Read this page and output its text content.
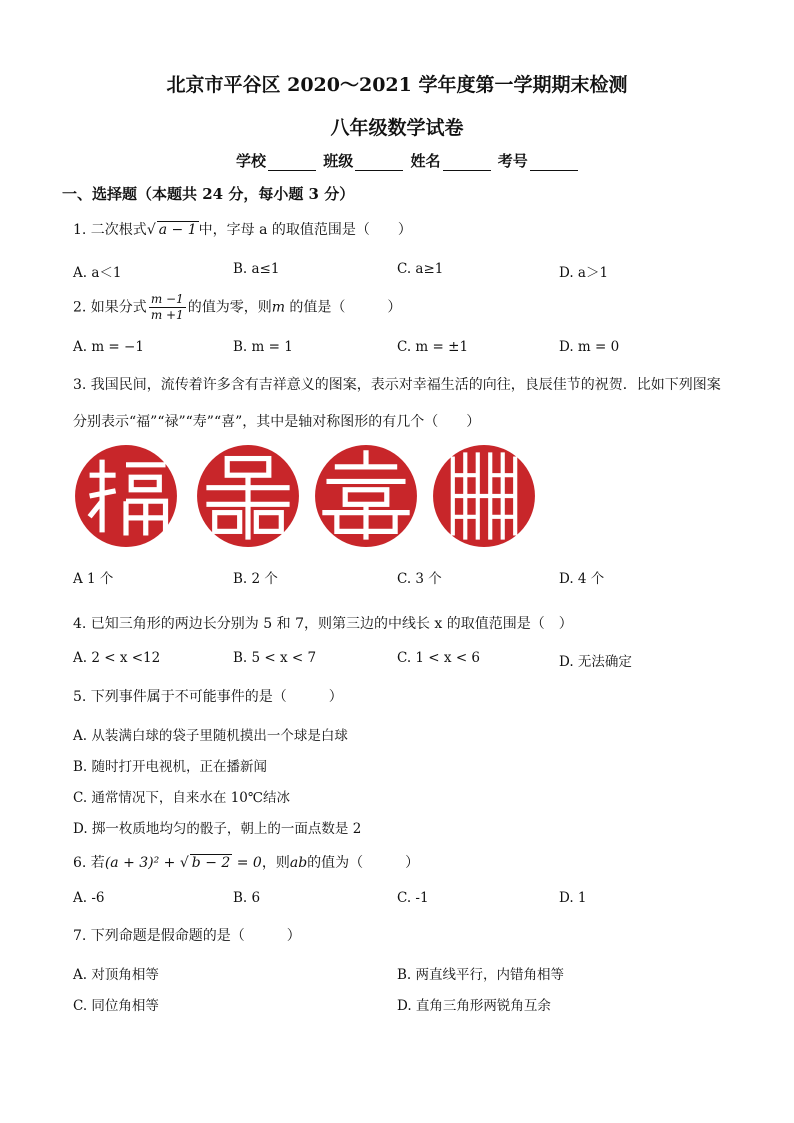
北京市平谷区 2020～2021 学年度第一学期期末检测
八年级数学试卷
学校	班级	姓名	考号
一、选择题（本题共 24 分，每小题 3 分）
1. 二次根式√ a − 1 中，字母 a 的取值范围是（　　）
A. a＜1	B. a≤1	C. a≥1	D. a＞1
2. 如果分式 $\frac{m -1}{m +1}$ 的值为零，则m 的值是（　　　）
A. m = −1	B. m = 1	C. m = ±1	D. m = 0
3. 我国民间，流传着许多含有吉祥意义的图案，表示对幸福生活的向往，良辰佳节的祝贺．比如下列图案
分别表示“福”“禄”“寿”“喜”，其中是轴对称图形的有几个（　　）
A 1 个	B. 2 个	C. 3 个	D. 4 个
4. 已知三角形的两边长分别为 5 和 7，则第三边的中线长 x 的取值范围是（　）
A. 2 < x <12	B. 5 < x < 7	C. 1 < x < 6	D. 无法确定
5. 下列事件属于不可能事件的是（　　　）
A. 从装满白球的袋子里随机摸出一个球是白球
B. 随时打开电视机，正在播新闻
C. 通常情况下，自来水在 10℃结冰
D. 掷一枚质地均匀的骰子，朝上的一面点数是 2
6. 若(a + 3)² + √ b − 2 = 0，则ab的值为（　　　）
A. -6	B. 6	C. -1	D. 1
7. 下列命题是假命题的是（　　　）
A. 对顶角相等	B. 两直线平行，内错角相等
C. 同位角相等	D. 直角三角形两锐角互余
